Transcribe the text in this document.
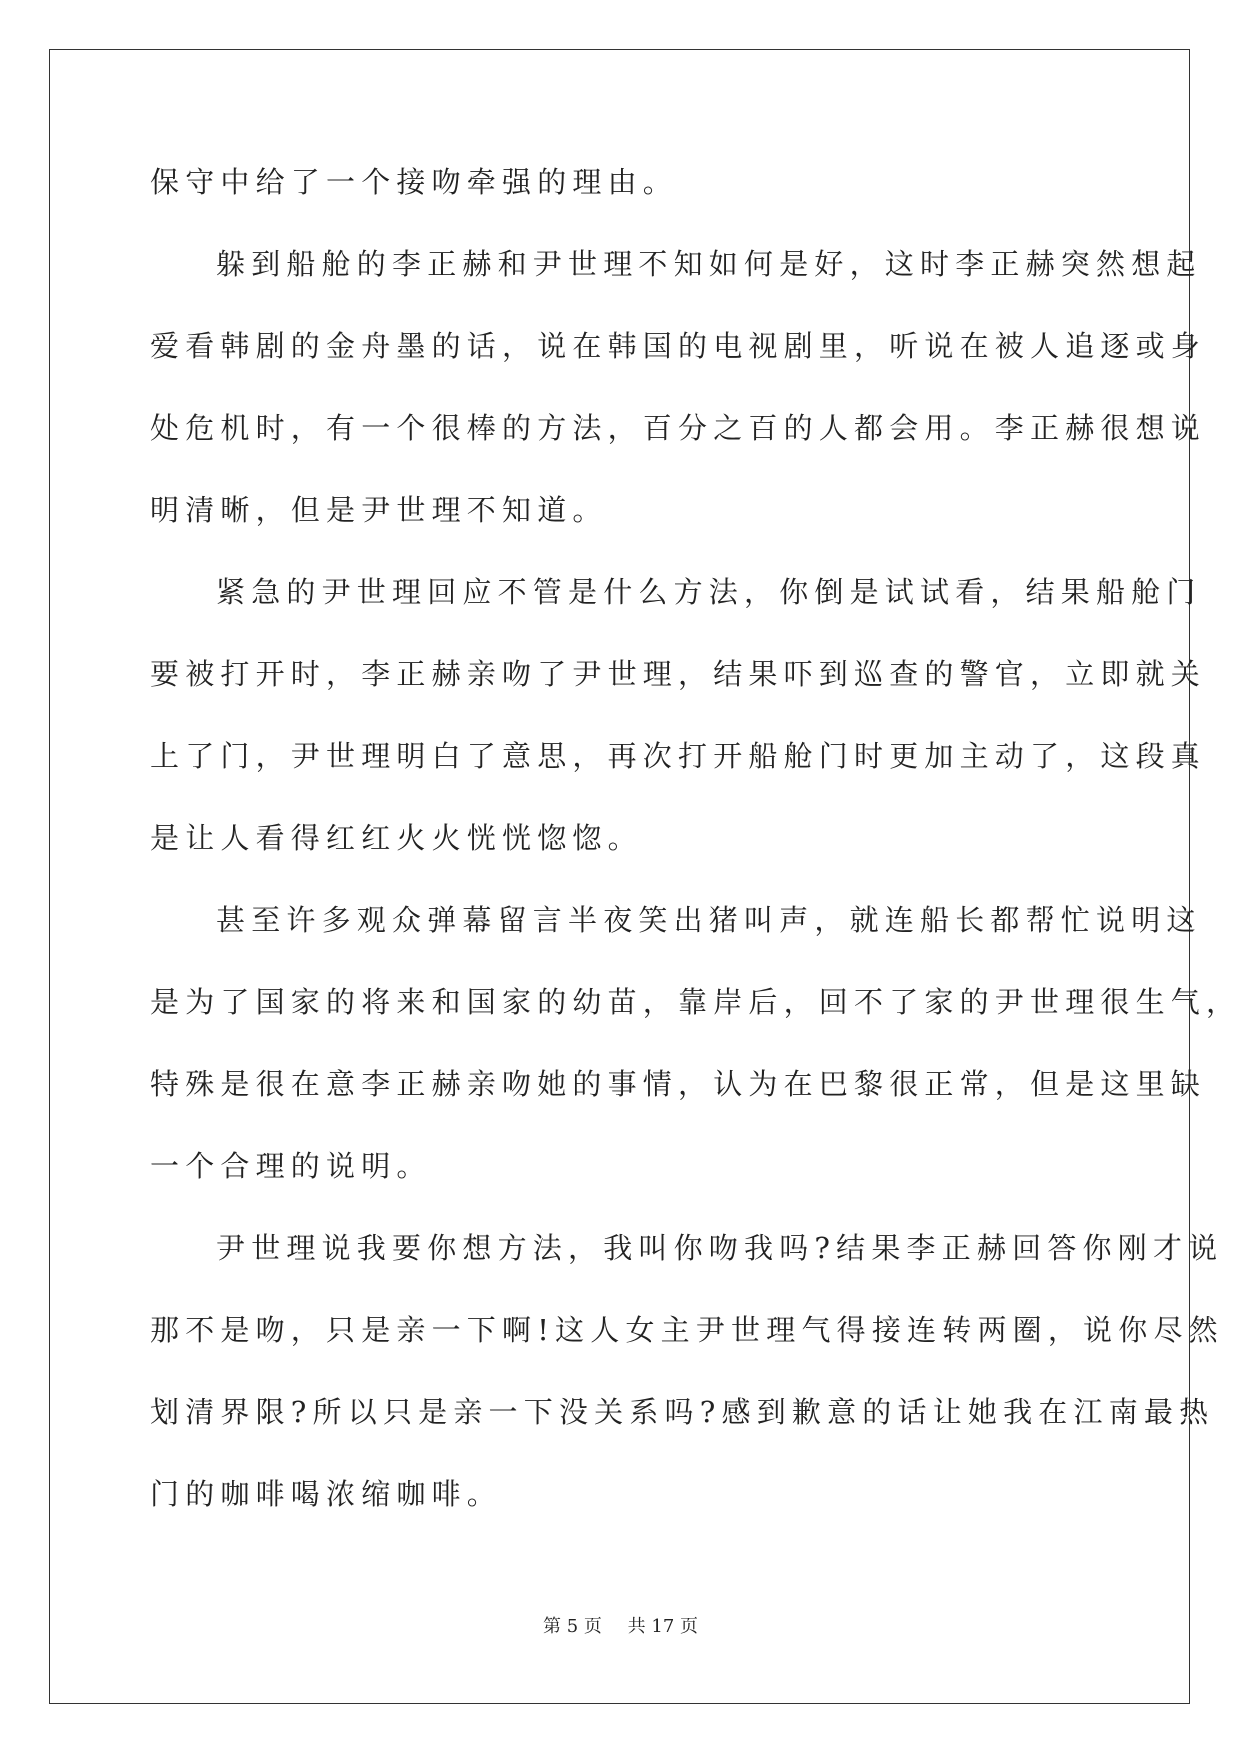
保守中给了一个接吻牵强的理由。
躲到船舱的李正赫和尹世理不知如何是好，这时李正赫突然想起
爱看韩剧的金舟墨的话，说在韩国的电视剧里，听说在被人追逐或身
处危机时，有一个很棒的方法，百分之百的人都会用。李正赫很想说
明清晰，但是尹世理不知道。
紧急的尹世理回应不管是什么方法，你倒是试试看，结果船舱门
要被打开时，李正赫亲吻了尹世理，结果吓到巡查的警官，立即就关
上了门，尹世理明白了意思，再次打开船舱门时更加主动了，这段真
是让人看得红红火火恍恍惚惚。
甚至许多观众弹幕留言半夜笑出猪叫声，就连船长都帮忙说明这
是为了国家的将来和国家的幼苗，靠岸后，回不了家的尹世理很生气，
特殊是很在意李正赫亲吻她的事情，认为在巴黎很正常，但是这里缺
一个合理的说明。
尹世理说我要你想方法，我叫你吻我吗?结果李正赫回答你刚才说
那不是吻，只是亲一下啊!这人女主尹世理气得接连转两圈，说你尽然
划清界限?所以只是亲一下没关系吗?感到歉意的话让她我在江南最热
门的咖啡喝浓缩咖啡。
第 5 页 共 17 页
